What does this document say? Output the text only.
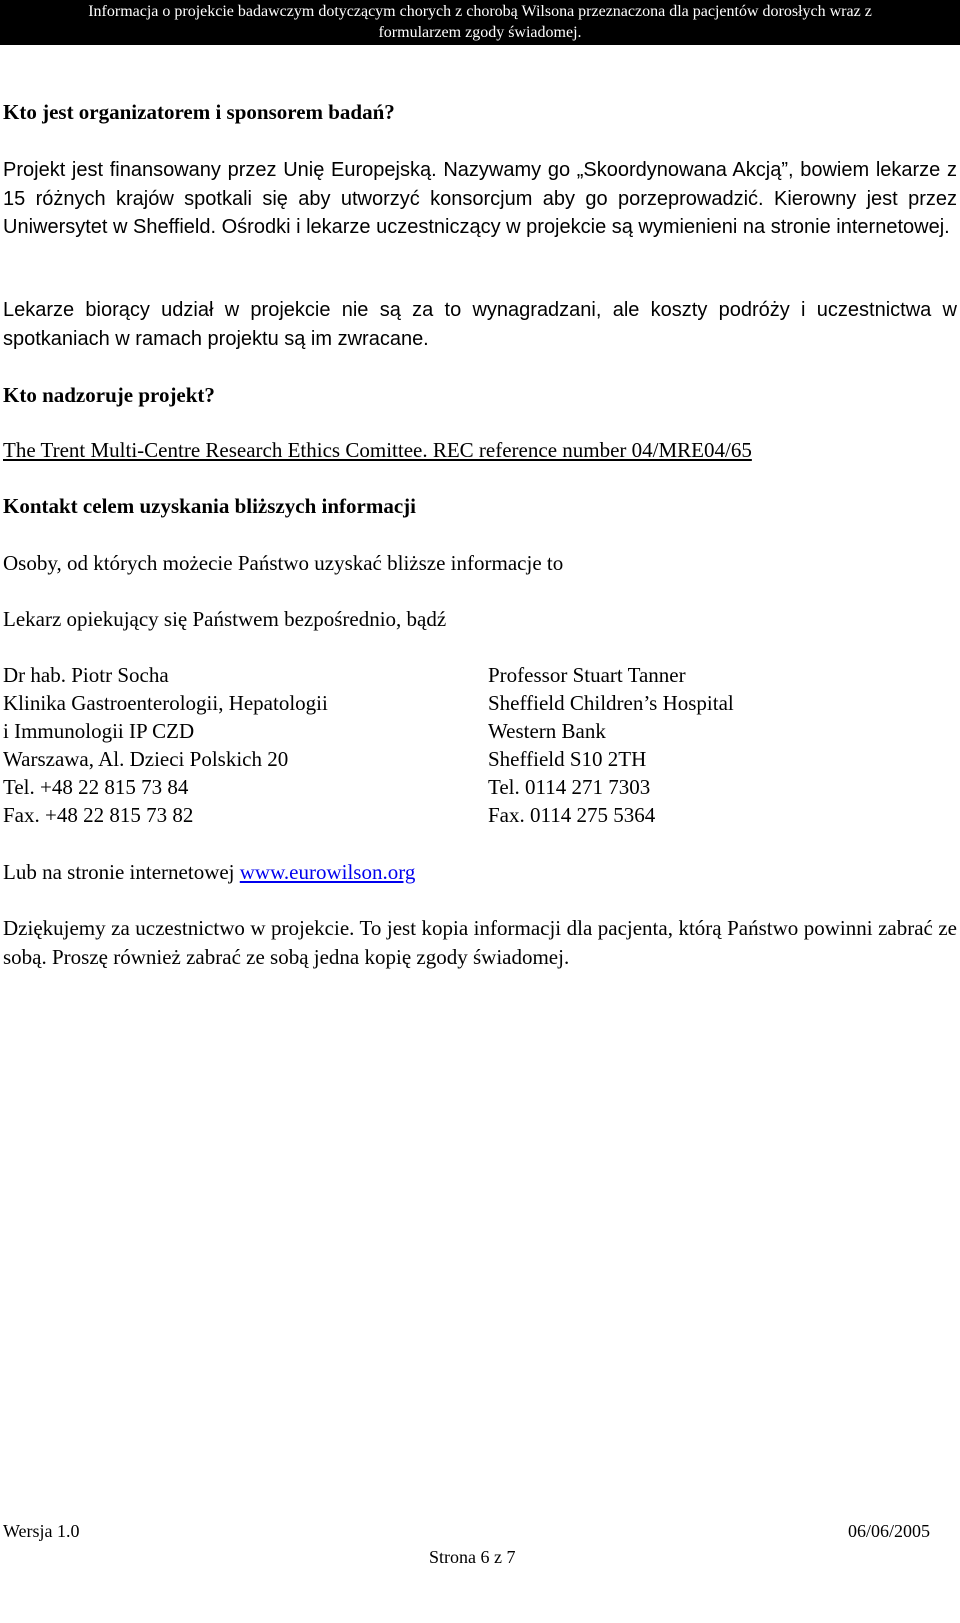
Informacja o projekcie badawczym dotyczącym chorych z chorobą Wilsona przeznaczona dla pacjentów dorosłych wraz z
formularzem zgody świadomej.

Kto jest organizatorem i sponsorem badań?

Projekt jest finansowany przez Unię Europejską. Nazywamy go „Skoordynowana Akcją”, bowiem lekarze z 15 różnych krajów spotkali się aby utworzyć konsorcjum aby go porzeprowadzić. Kierowny jest przez Uniwersytet w Sheffield. Ośrodki i lekarze uczestniczący w projekcie są wymienieni na stronie internetowej.

Lekarze biorący udział w projekcie nie są za to wynagradzani, ale koszty podróży i uczestnictwa w spotkaniach w ramach projektu są im zwracane.

Kto nadzoruje projekt?

The Trent Multi-Centre Research Ethics Comittee. REC reference number 04/MRE04/65

Kontakt celem uzyskania bliższych informacji

Osoby, od których możecie Państwo uzyskać bliższe informacje to

Lekarz opiekujący się Państwem bezpośrednio, bądź

Dr hab. Piotr Socha

Klinika Gastroenterologii, Hepatologii

i Immunologii IP CZD

Warszawa, Al. Dzieci Polskich 20

Tel. +48 22 815 73 84

Fax. +48 22 815 73 82

Professor Stuart Tanner

Sheffield Children’s Hospital

Western Bank

Sheffield S10 2TH

Tel. 0114 271 7303

Fax. 0114 275 5364

Lub na stronie internetowej www.eurowilson.org

Dziękujemy za uczestnictwo w projekcie. To jest kopia informacji dla pacjenta, którą Państwo powinni zabrać ze sobą. Proszę również zabrać ze sobą jedna kopię zgody świadomej.

Wersja 1.0	06/06/2005
Strona 6 z 7
